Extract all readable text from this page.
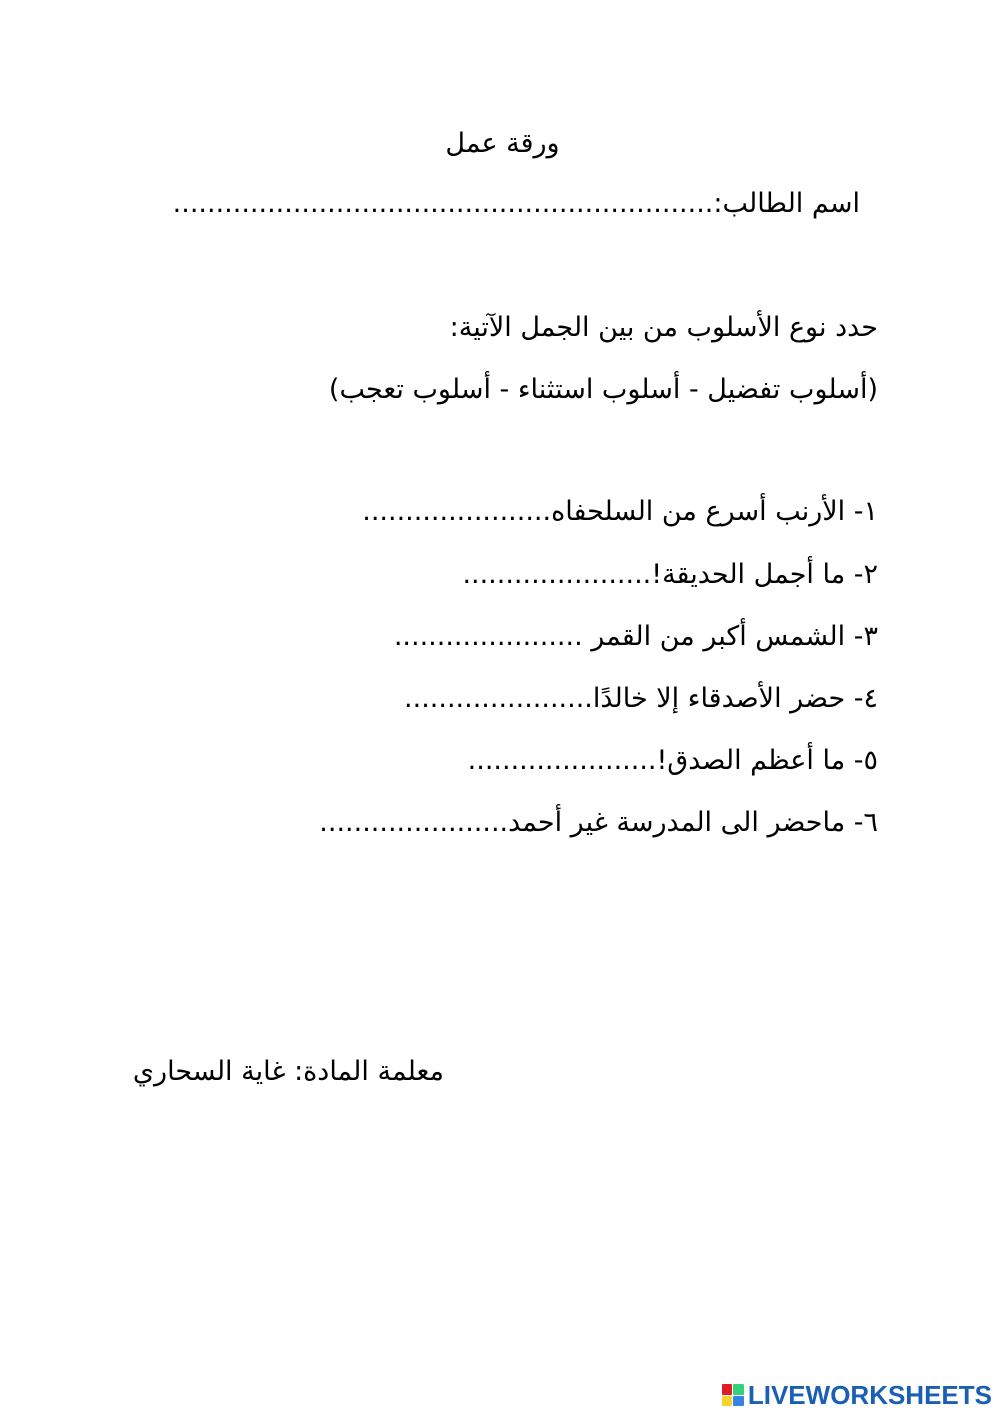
ورقة عمل
اسم الطالب:...............................................................
حدد نوع الأسلوب من بين الجمل الآتية:
(أسلوب تفضيل - أسلوب استثناء - أسلوب تعجب)
١- الأرنب أسرع من السلحفاه......................
٢- ما أجمل الحديقة!......................
٣- الشمس أكبر من القمر ......................
٤- حضر الأصدقاء إلا خالدًا......................
٥- ما أعظم الصدق!......................
٦- ماحضر الى المدرسة غير أحمد......................
معلمة المادة: غاية السحاري
LIVEWORKSHEETS
